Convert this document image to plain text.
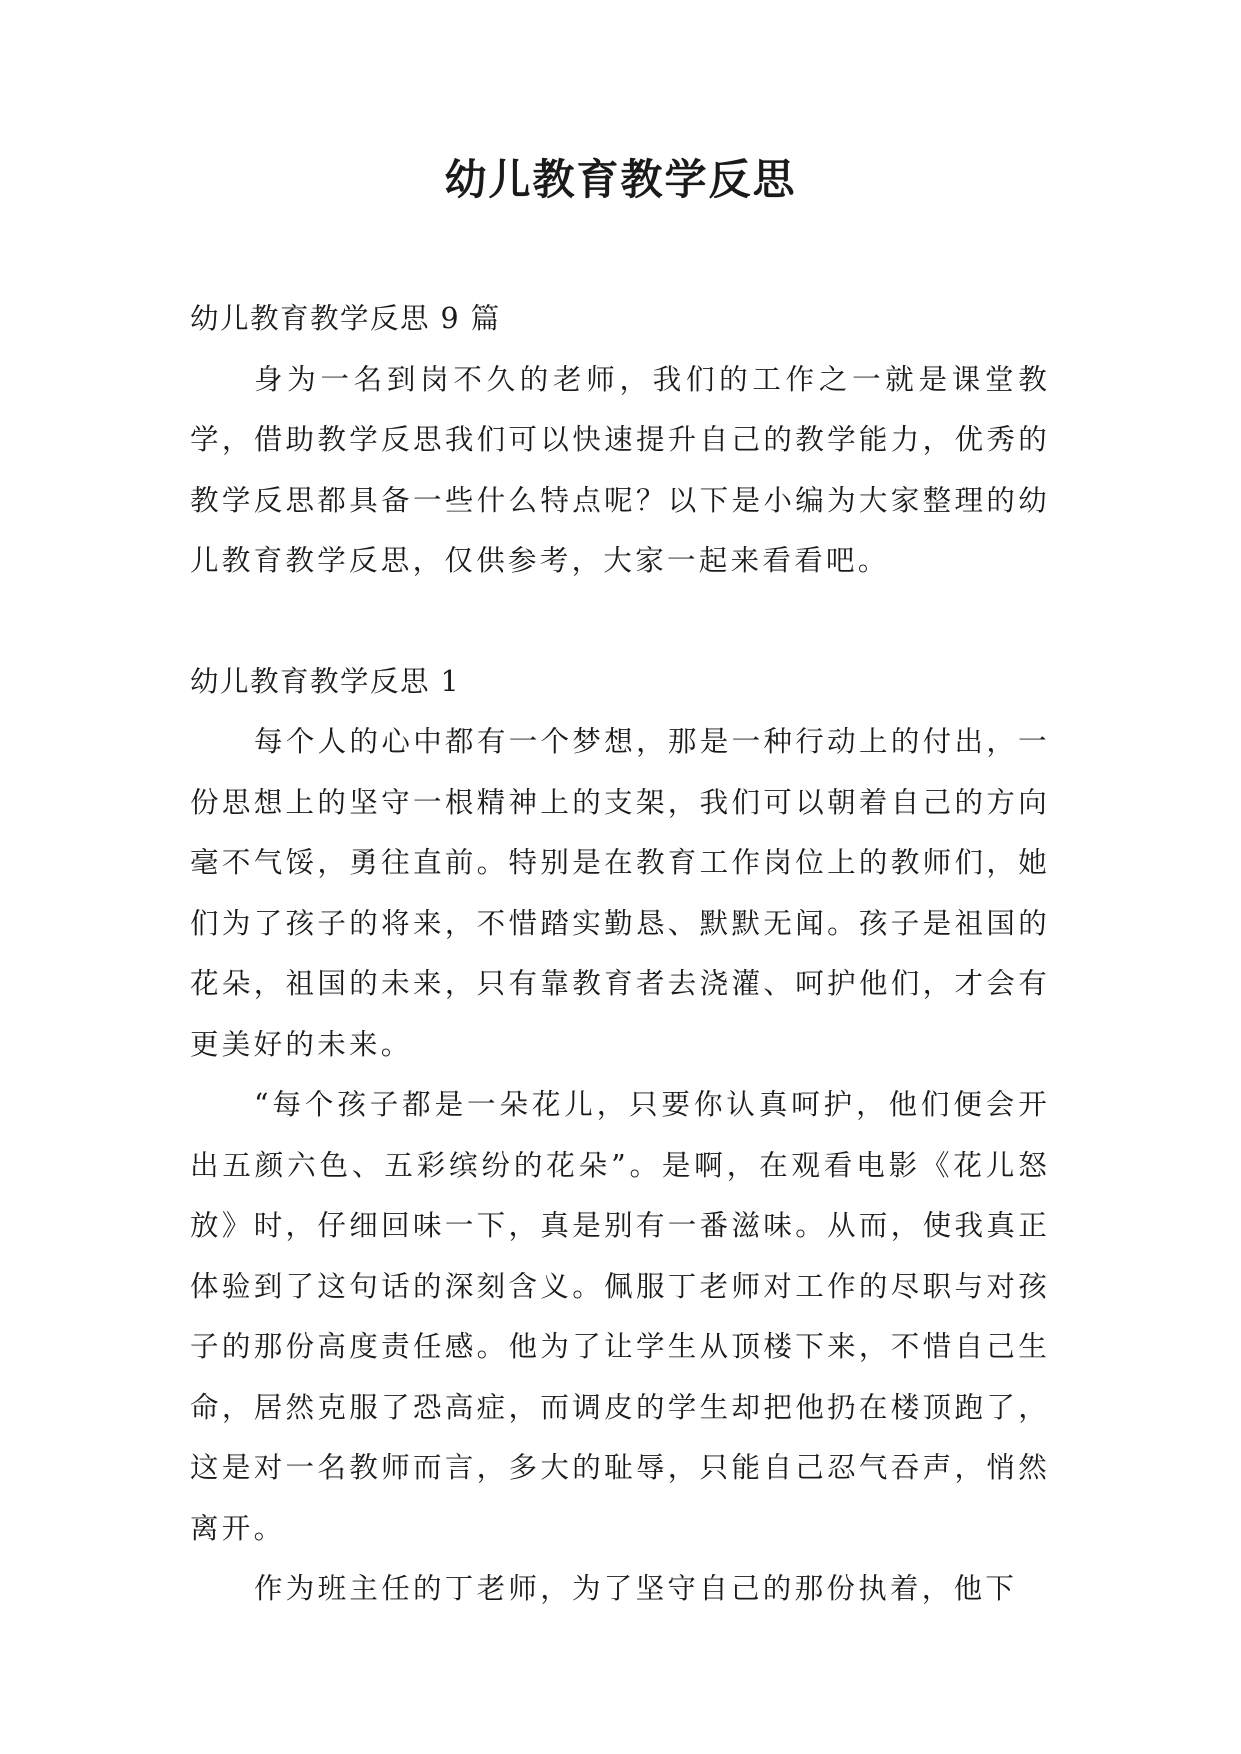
幼儿教育教学反思

幼儿教育教学反思 9 篇

身为一名到岗不久的老师，我们的工作之一就是课堂教学，借助教学反思我们可以快速提升自己的教学能力，优秀的教学反思都具备一些什么特点呢？以下是小编为大家整理的幼儿教育教学反思，仅供参考，大家一起来看看吧。

幼儿教育教学反思 1

每个人的心中都有一个梦想，那是一种行动上的付出，一份思想上的坚守一根精神上的支架，我们可以朝着自己的方向毫不气馁，勇往直前。特别是在教育工作岗位上的教师们，她们为了孩子的将来，不惜踏实勤恳、默默无闻。孩子是祖国的花朵，祖国的未来，只有靠教育者去浇灌、呵护他们，才会有更美好的未来。

“每个孩子都是一朵花儿，只要你认真呵护，他们便会开出五颜六色、五彩缤纷的花朵”。是啊，在观看电影《花儿怒放》时，仔细回味一下，真是别有一番滋味。从而，使我真正体验到了这句话的深刻含义。佩服丁老师对工作的尽职与对孩子的那份高度责任感。他为了让学生从顶楼下来，不惜自己生命，居然克服了恐高症，而调皮的学生却把他扔在楼顶跑了，这是对一名教师而言，多大的耻辱，只能自己忍气吞声，悄然离开。

作为班主任的丁老师，为了坚守自己的那份执着，他下
